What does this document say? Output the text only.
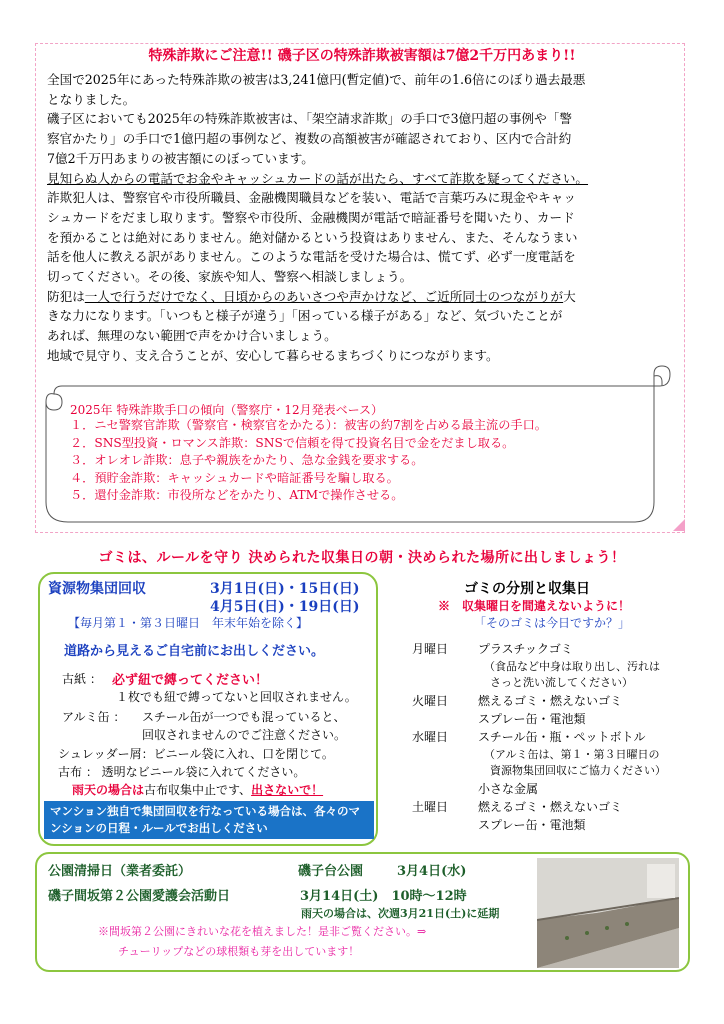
特殊詐欺にご注意!! 磯子区の特殊詐欺被害額は7億2千万円あまり!!

全国で2025年にあった特殊詐欺の被害は3,241億円(暫定値)で、前年の1.6倍にのぼり過去最悪

となりました。

磯子区においても2025年の特殊詐欺被害は、「架空請求詐欺」の手口で3億円超の事例や「警

察官かたり」の手口で1億円超の事例など、複数の高額被害が確認されており、区内で合計約

7億2千万円あまりの被害額にのぼっています。

見知らぬ人からの電話でお金やキャッシュカードの話が出たら、すべて詐欺を疑ってください。

詐欺犯人は、警察官や市役所職員、金融機関職員などを装い、電話で言葉巧みに現金やキャッ

シュカードをだまし取ります。警察や市役所、金融機関が電話で暗証番号を聞いたり、カード

を預かることは絶対にありません。絶対儲かるという投資はありません、また、そんなうまい

話を他人に教える訳がありません。このような電話を受けた場合は、慌てず、必ず一度電話を

切ってください。その後、家族や知人、警察へ相談しましょう。

防犯は一人で行うだけでなく、日頃からのあいさつや声かけなど、ご近所同士のつながりが大

きな力になります。「いつもと様子が違う」「困っている様子がある」など、気づいたことが

あれば、無理のない範囲で声をかけ合いましょう。

地域で見守り、支え合うことが、安心して暮らせるまちづくりにつながります。

2025年 特殊詐欺手口の傾向（警察庁・12月発表ベース）
１．ニセ警察官詐欺（警察官・検察官をかたる）：被害の約7割を占める最主流の手口。
２．SNS型投資・ロマンス詐欺：SNSで信頼を得て投資名目で金をだまし取る。
３．オレオレ詐欺：息子や親族をかたり、急な金銭を要求する。
４．預貯金詐欺：キャッシュカードや暗証番号を騙し取る。
５．還付金詐欺：市役所などをかたり、ATMで操作させる。
ゴミは、ルールを守り 決められた収集日の朝・決められた場所に出しましょう！
資源物集団回収	3月1日(日)・15日(日)
4月5日(日)・19日(日)
【毎月第１・第３日曜日　年末年始を除く】
道路から見えるご自宅前にお出しください。
古紙 ： 必ず紐で縛ってください！
１枚でも紐で縛ってないと回収されません。
アルミ缶 ： スチール缶が一つでも混っていると、
回収されませんのでご注意ください。
シュレッダー屑：ビニール袋に入れ、口を閉じて。
古布 ： 透明なビニール袋に入れてください。
雨天の場合は古布収集中止です、出さないで！
マンション独自で集団回収を行なっている場合は、各々のマンションの日程・ルールでお出しください
ゴミの分別と収集日
※　収集曜日を間違えないように！
「そのゴミは今日ですか？」
月曜日 プラスチックゴミ
（食品など中身は取り出し、汚れは
さっと洗い流してください）
火曜日 燃えるゴミ・燃えないゴミ
スプレー缶・電池類
水曜日 スチール缶・瓶・ペットボトル
（アルミ缶は、第１・第３日曜日の
資源物集団回収にご協力ください）
小さな金属
土曜日 燃えるゴミ・燃えないゴミ
スプレー缶・電池類
公園清掃日（業者委託）	磯子台公園	3月4日(水)
磯子間坂第２公園愛護会活動日	3月14日(土)　10時～12時
雨天の場合は、次週3月21日(土)に延期
※間坂第２公園にきれいな花を植えました！是非ご覧ください。⇒
チューリップなどの球根類も芽を出しています！
